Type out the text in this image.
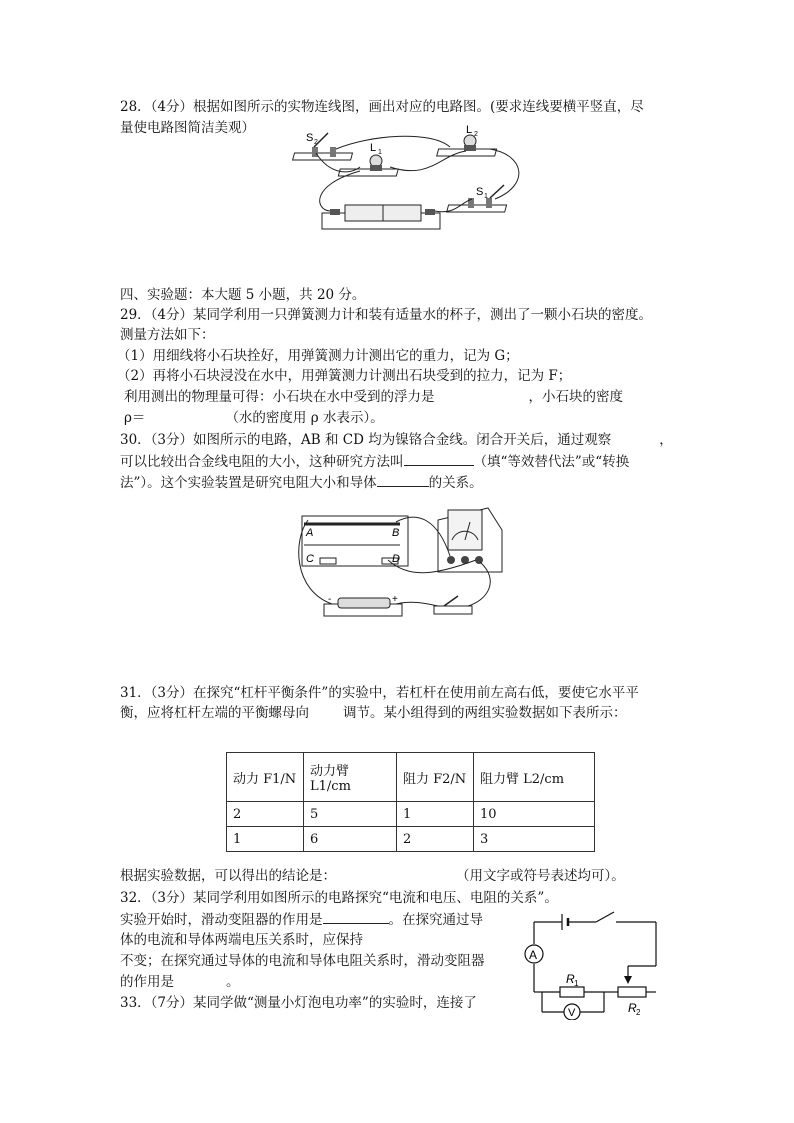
28．（4分）根据如图所示的实物连线图，画出对应的电路图。(要求连线要横平竖直，尽
量使电路图简洁美观）
S 2	L 1
L 2
S 1
四、实验题：本大题 5 小题，共 20 分。
29．（4分）某同学利用一只弹簧测力计和装有适量水的杯子，测出了一颗小石块的密度。
测量方法如下：
（1）用细线将小石块拴好，用弹簧测力计测出它的重力，记为 G；
（2）再将小石块浸没在水中，用弹簧测力计测出石块受到的拉力，记为 F；
利用测出的物理量可得：小石块在水中受到的浮力是	，小石块的密度
ρ＝	（水的密度用 ρ 水表示）。
30．（3分）如图所示的电路，AB 和 CD 均为镍铬合金线。闭合开关后，通过观察	，
可以比较出合金线电阻的大小，这种研究方法叫	（填“等效替代法”或“转换
法”）。这个实验装置是研究电阻大小和导体	的关系。
A	B
C	D
-	+
31．（3分）在探究“杠杆平衡条件”的实验中，若杠杆在使用前左高右低，要使它水平平
衡，应将杠杆左端的平衡螺母向	调节。某小组得到的两组实验数据如下表所示：
动力 F1/N	动力臂 L1/cm	阻力 F2/N	阻力臂 L2/cm
2	5	1	10
1	6	2	3
根据实验数据，可以得出的结论是：	（用文字或符号表述均可）。
32．（3分）某同学利用如图所示的电路探究“电流和电压、电阻的关系”。
实验开始时，滑动变阻器的作用是	。在探究通过导
体的电流和导体两端电压关系时，应保持
不变；在探究通过导体的电流和导体电阻关系时，滑动变阻器
的作用是	。
A
R 1
V	R 2
33．（7分）某同学做“测量小灯泡电功率”的实验时，连接了
